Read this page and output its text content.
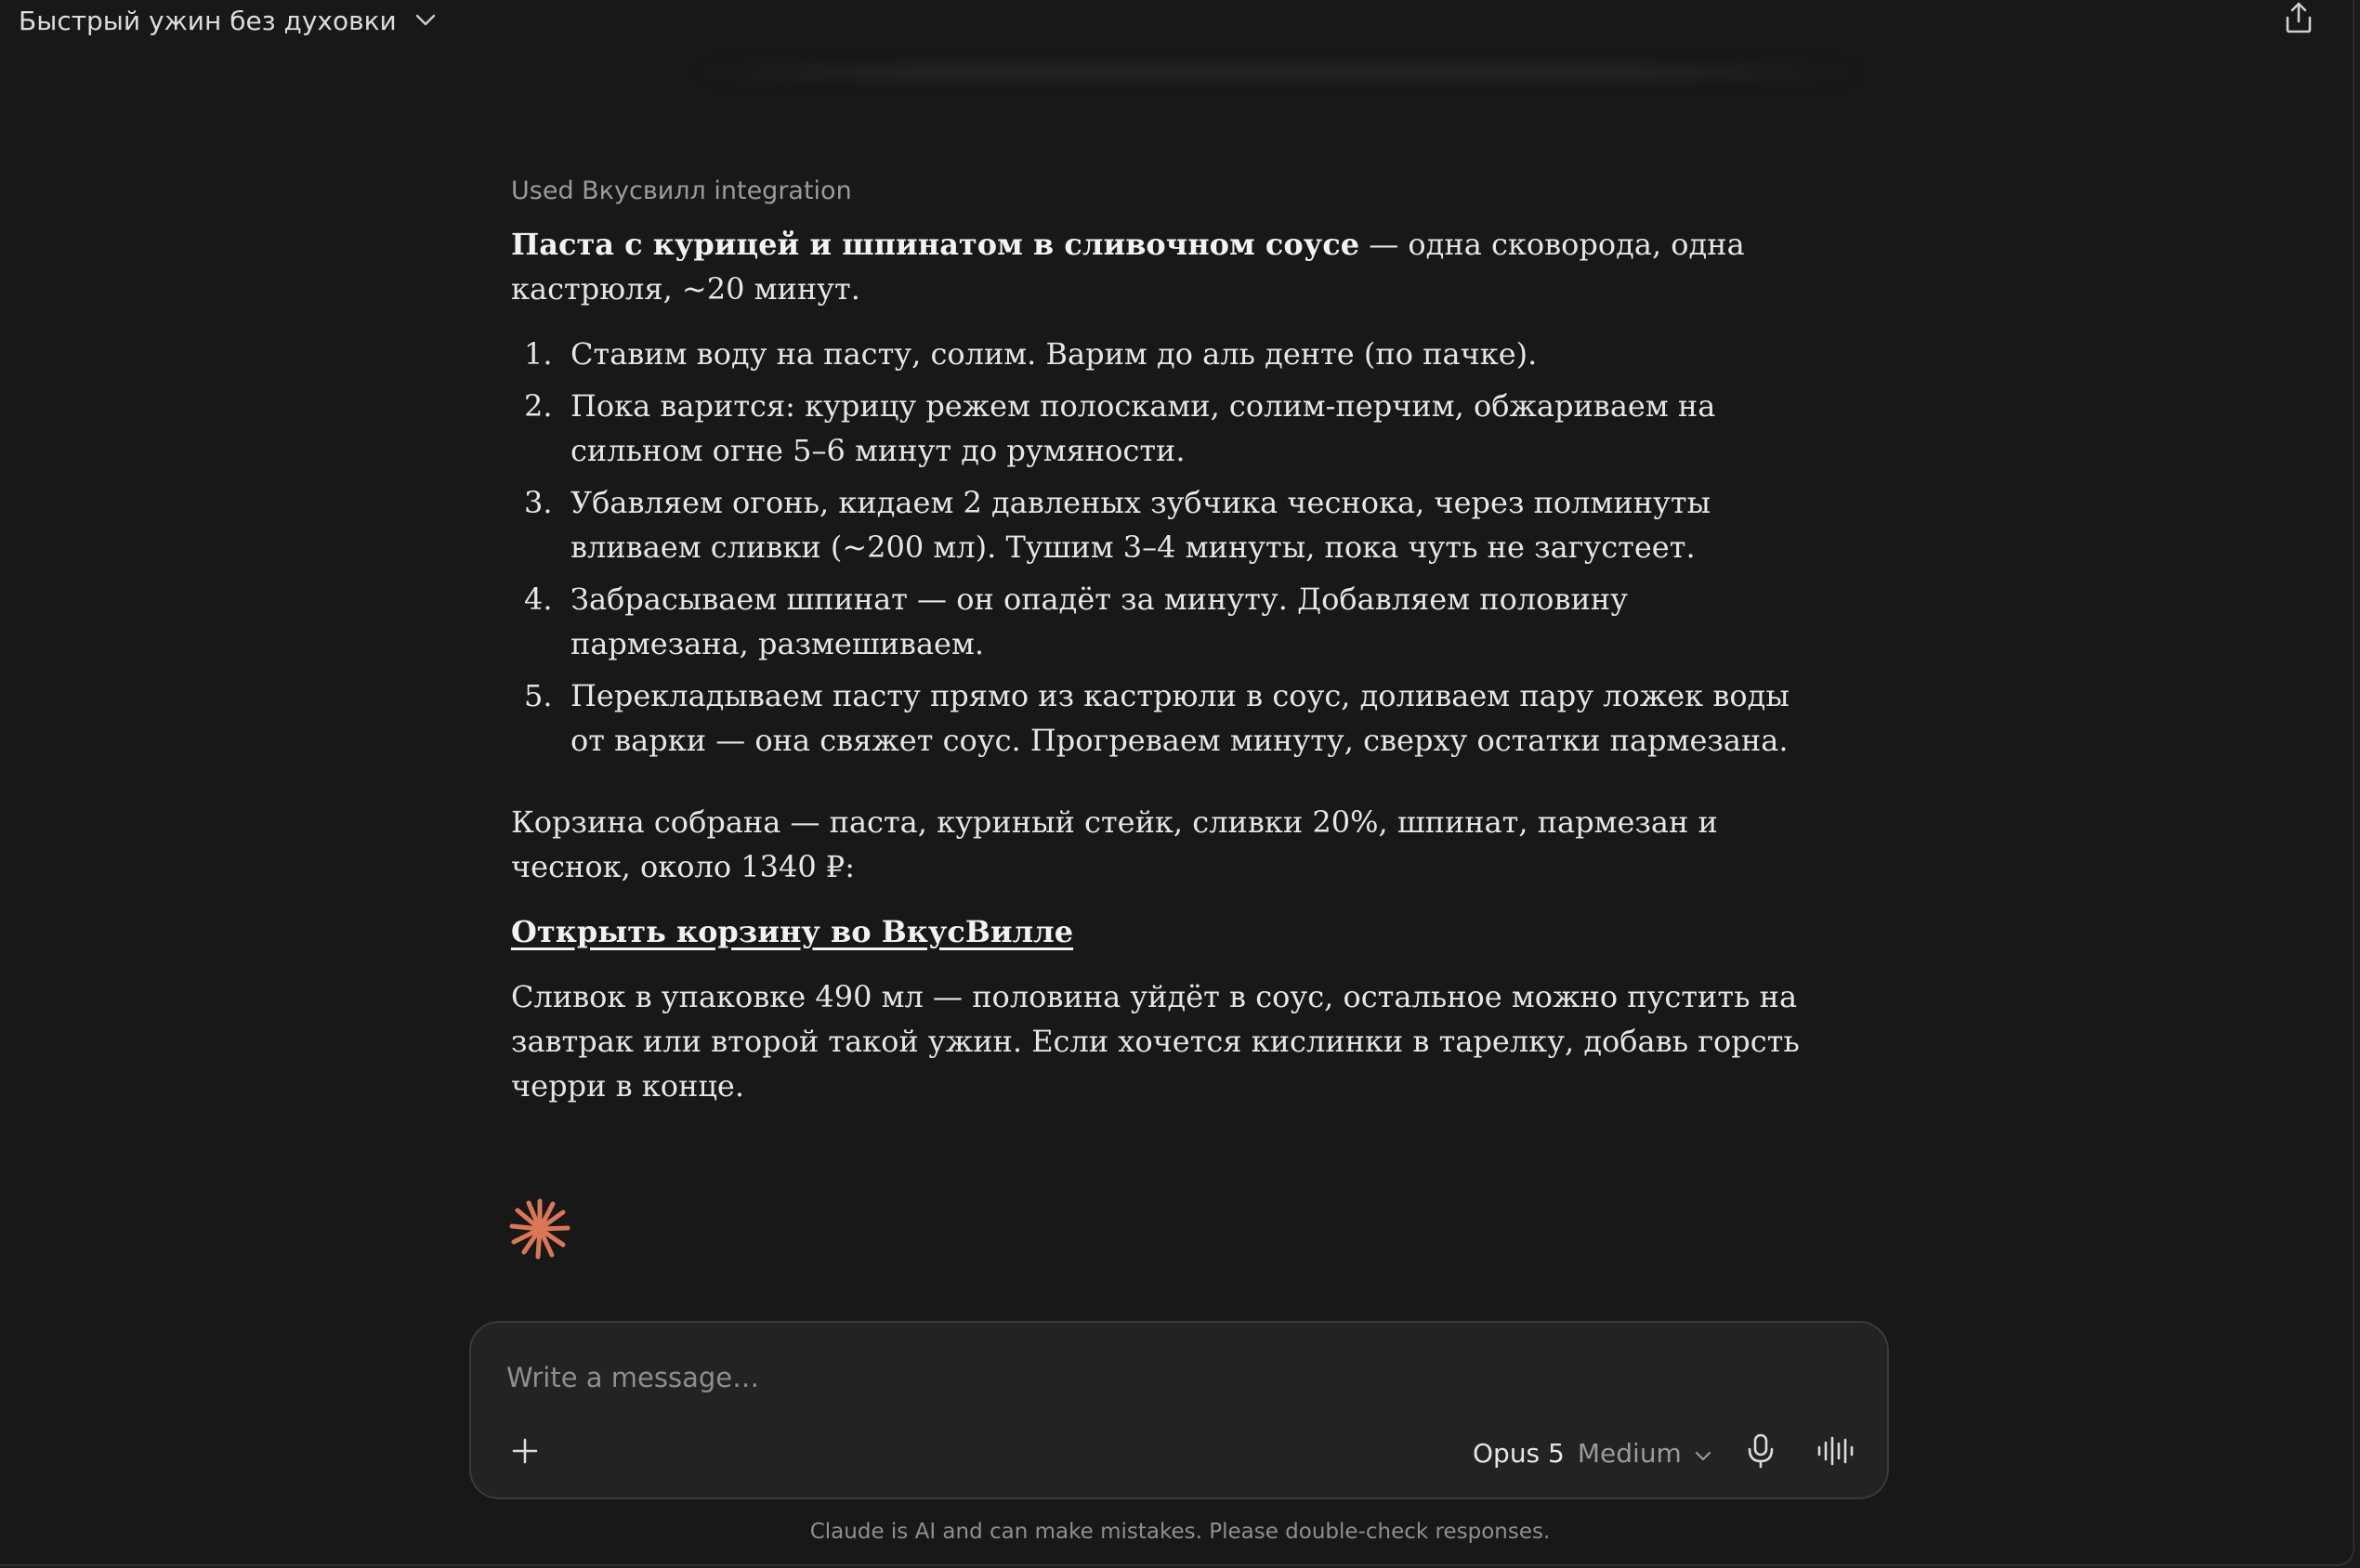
Быстрый ужин без духовки
Used Вкусвилл integration

Паста с курицей и шпинатом в сливочном соусе — одна сковорода, одна кастрюля, ~20 минут.

1. Ставим воду на пасту, солим. Варим до аль денте (по пачке).
2. Пока варится: курицу режем полосками, солим-перчим, обжариваем на сильном огне 5–6 минут до румяности.
3. Убавляем огонь, кидаем 2 давленых зубчика чеснока, через полминуты вливаем сливки (~200 мл). Тушим 3–4 минуты, пока чуть не загустеет.
4. Забрасываем шпинат — он опадёт за минуту. Добавляем половину пармезана, размешиваем.
5. Перекладываем пасту прямо из кастрюли в соус, доливаем пару ложек воды от варки — она свяжет соус. Прогреваем минуту, сверху остатки пармезана.

Корзина собрана — паста, куриный стейк, сливки 20%, шпинат, пармезан и чеснок, около 1340 ₽:

Открыть корзину во ВкусВилле

Сливок в упаковке 490 мл — половина уйдёт в соус, остальное можно пустить на завтрак или второй такой ужин. Если хочется кислинки в тарелку, добавь горсть черри в конце.

Write a message…
Opus 5 Medium
Claude is AI and can make mistakes. Please double-check responses.
